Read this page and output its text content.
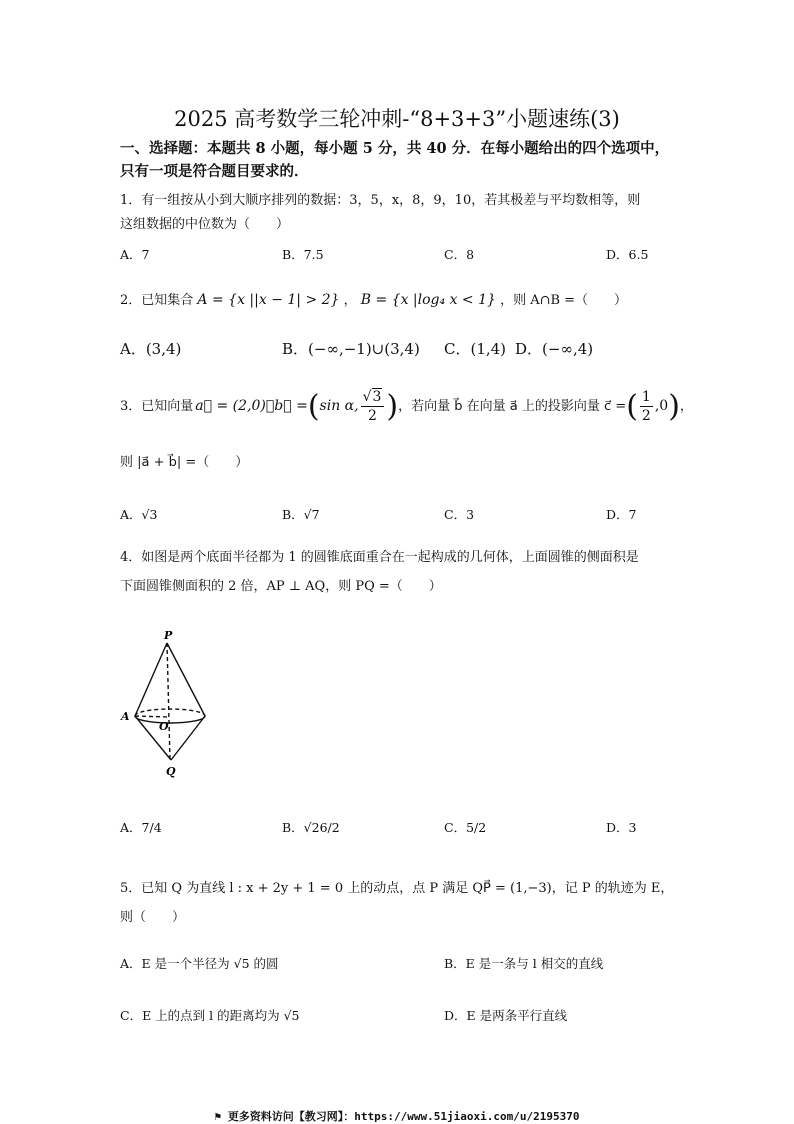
2025 高考数学三轮冲刺-“8+3+3”小题速练(3)
一、选择题：本题共 8 小题，每小题 5 分，共 40 分．在每小题给出的四个选项中，只有一项是符合题目要求的．
1．有一组按从小到大顺序排列的数据：3，5，x，8，9，10，若其极差与平均数相等，则
这组数据的中位数为（　　）
A．7	B．7.5	C．8	D．6.5
2．已知集合 A = {x ||x − 1| > 2} ， B = {x |log₄ x < 1} ，则 A∩B =（　　）
A．(3,4)	B．(−∞,−1)∪(3,4) C．(1,4) D．(−∞,4)
3．已知向量 a⃗ = (2,0) ，b⃗ = ( sin α, $\frac{√3}{2}$ ) ，若向量 b⃗ 在向量 a⃗ 上的投影向量 c⃗ = ( $\frac{1}{2} ,0$ ) ，
则 |a⃗ + b⃗| =（　　）
A．√3	B．√7	C．3	D．7
4．如图是两个底面半径都为 1 的圆锥底面重合在一起构成的几何体，上面圆锥的侧面积是
下面圆锥侧面积的 2 倍，AP ⊥ AQ，则 PQ =（　　）
P
A
O
Q
A．7/4	B．√26/2	C．5/2	D．3
5．已知 Q 为直线 l : x + 2y + 1 = 0 上的动点，点 P 满足 QP⃗ = (1,−3)，记 P 的轨迹为 E，
则（　　）
A．E 是一个半径为 √5 的圆	B．E 是一条与 l 相交的直线
C．E 上的点到 l 的距离均为 √5	D．E 是两条平行直线
⚑ 更多资料访问【教习网】：https://www.51jiaoxi.com/u/2195370
